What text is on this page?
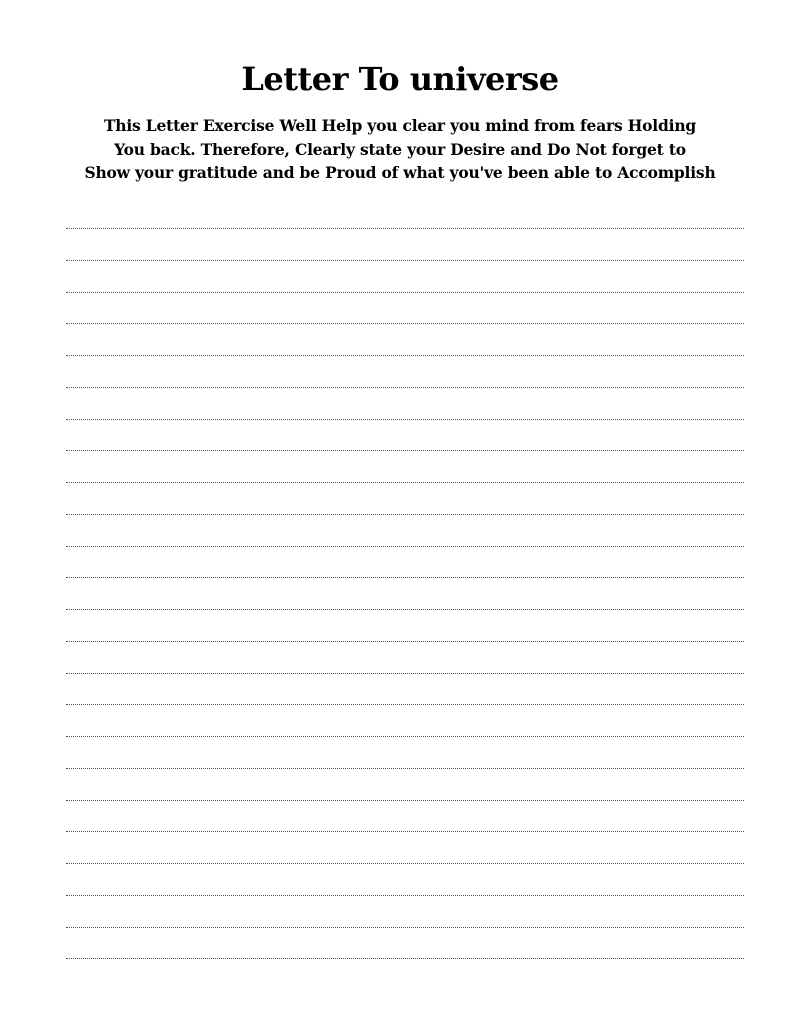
Letter To universe
This Letter Exercise Well Help you clear you mind from fears Holding
You back. Therefore, Clearly state your Desire and Do Not forget to
Show your gratitude and be Proud of what you've been able to Accomplish
